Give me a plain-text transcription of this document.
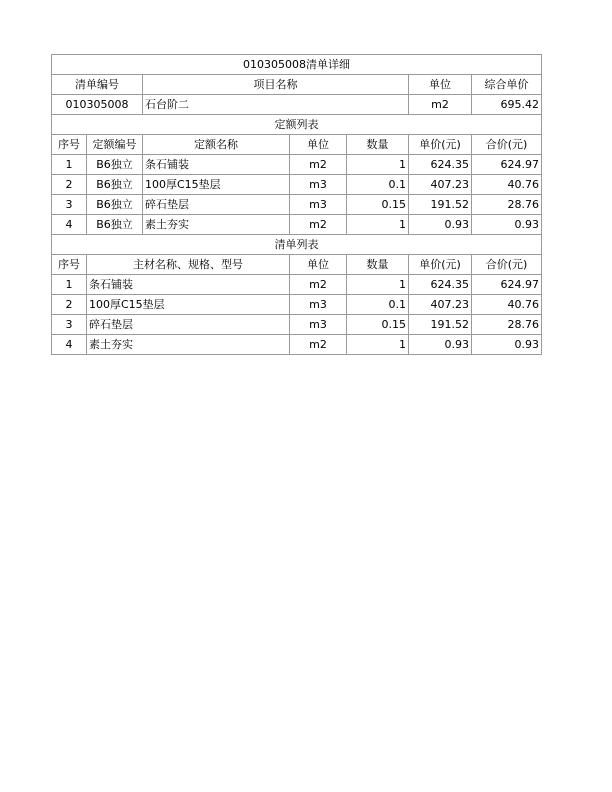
010305008清单详细						
清单编号		项目名称			单位	综合单价
010305008		石台阶二			m2	695.42
定额列表						
序号	定额编号	定额名称	单位	数量	单价(元)	合价(元)
1	B6独立	条石铺装	m2	1	624.35	624.97
2	B6独立	100厚C15垫层	m3	0.1	407.23	40.76
3	B6独立	碎石垫层	m3	0.15	191.52	28.76
4	B6独立	素土夯实	m2	1	0.93	0.93
清单列表						
序号	主材名称、规格、型号		单位	数量	单价(元)	合价(元)
1	条石铺装		m2	1	624.35	624.97
2	100厚C15垫层		m3	0.1	407.23	40.76
3	碎石垫层		m3	0.15	191.52	28.76
4	素土夯实		m2	1	0.93	0.93
